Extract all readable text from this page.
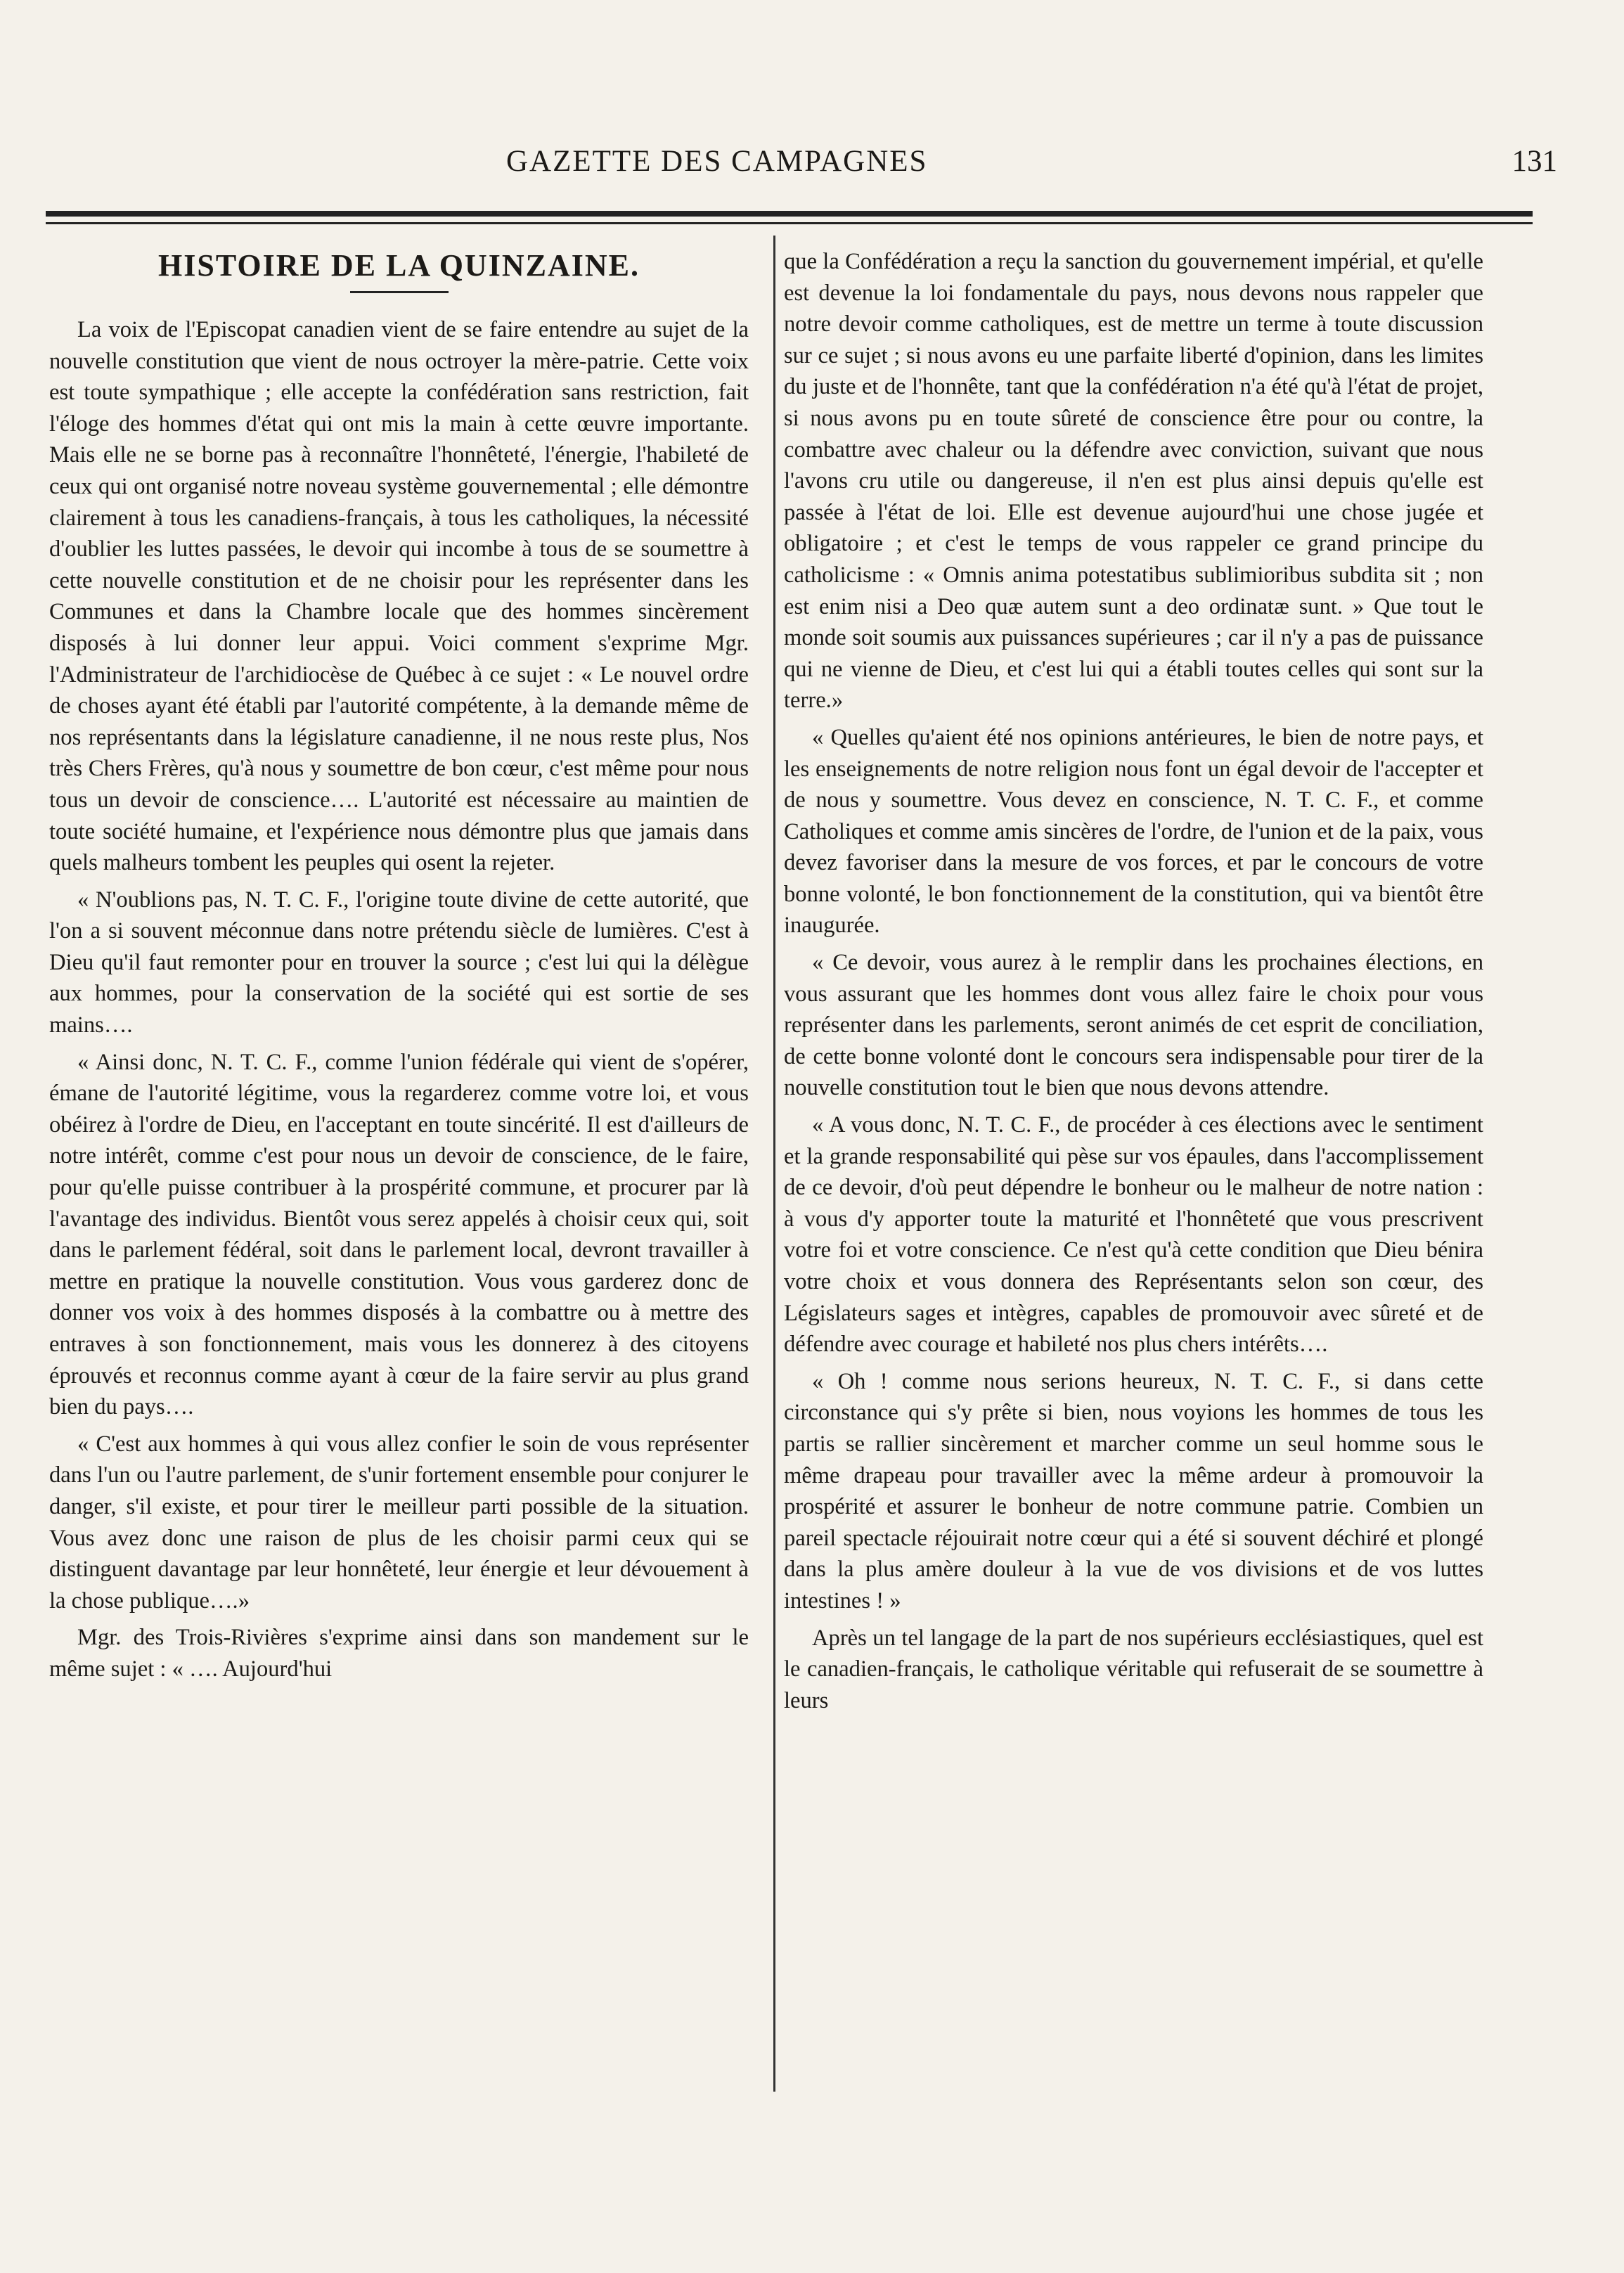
GAZETTE DES CAMPAGNES	131
HISTOIRE DE LA QUINZAINE.

La voix de l'Episcopat canadien vient de se faire entendre au sujet de la nouvelle constitution que vient de nous octroyer la mère-patrie. Cette voix est toute sympathique ; elle accepte la confédération sans restriction, fait l'éloge des hommes d'état qui ont mis la main à cette œuvre importante. Mais elle ne se borne pas à reconnaître l'honnêteté, l'énergie, l'habileté de ceux qui ont organisé notre noveau système gouvernemental ; elle démontre clairement à tous les canadiens-français, à tous les catholiques, la nécessité d'oublier les luttes passées, le devoir qui incombe à tous de se soumettre à cette nouvelle constitution et de ne choisir pour les représenter dans les Communes et dans la Chambre locale que des hommes sincèrement disposés à lui donner leur appui. Voici comment s'exprime Mgr. l'Administrateur de l'archidiocèse de Québec à ce sujet : « Le nouvel ordre de choses ayant été établi par l'autorité compétente, à la demande même de nos représentants dans la législature canadienne, il ne nous reste plus, Nos très Chers Frères, qu'à nous y soumettre de bon cœur, c'est même pour nous tous un devoir de conscience…. L'autorité est nécessaire au maintien de toute société humaine, et l'expérience nous démontre plus que jamais dans quels malheurs tombent les peuples qui osent la rejeter.

« N'oublions pas, N. T. C. F., l'origine toute divine de cette autorité, que l'on a si souvent méconnue dans notre prétendu siècle de lumières. C'est à Dieu qu'il faut remonter pour en trouver la source ; c'est lui qui la délègue aux hommes, pour la conservation de la société qui est sortie de ses mains….

« Ainsi donc, N. T. C. F., comme l'union fédérale qui vient de s'opérer, émane de l'autorité légitime, vous la regarderez comme votre loi, et vous obéirez à l'ordre de Dieu, en l'acceptant en toute sincérité. Il est d'ailleurs de notre intérêt, comme c'est pour nous un devoir de conscience, de le faire, pour qu'elle puisse contribuer à la prospérité commune, et procurer par là l'avantage des individus. Bientôt vous serez appelés à choisir ceux qui, soit dans le parlement fédéral, soit dans le parlement local, devront travailler à mettre en pratique la nouvelle constitution. Vous vous garderez donc de donner vos voix à des hommes disposés à la combattre ou à mettre des entraves à son fonctionnement, mais vous les donnerez à des citoyens éprouvés et reconnus comme ayant à cœur de la faire servir au plus grand bien du pays….

« C'est aux hommes à qui vous allez confier le soin de vous représenter dans l'un ou l'autre parlement, de s'unir fortement ensemble pour conjurer le danger, s'il existe, et pour tirer le meilleur parti possible de la situation. Vous avez donc une raison de plus de les choisir parmi ceux qui se distinguent davantage par leur honnêteté, leur énergie et leur dévouement à la chose publique….»

Mgr. des Trois-Rivières s'exprime ainsi dans son mandement sur le même sujet : « …. Aujourd'hui

que la Confédération a reçu la sanction du gouvernement impérial, et qu'elle est devenue la loi fondamentale du pays, nous devons nous rappeler que notre devoir comme catholiques, est de mettre un terme à toute discussion sur ce sujet ; si nous avons eu une parfaite liberté d'opinion, dans les limites du juste et de l'honnête, tant que la confédération n'a été qu'à l'état de projet, si nous avons pu en toute sûreté de conscience être pour ou contre, la combattre avec chaleur ou la défendre avec conviction, suivant que nous l'avons cru utile ou dangereuse, il n'en est plus ainsi depuis qu'elle est passée à l'état de loi. Elle est devenue aujourd'hui une chose jugée et obligatoire ; et c'est le temps de vous rappeler ce grand principe du catholicisme : « Omnis anima potestatibus sublimioribus subdita sit ; non est enim nisi a Deo quæ autem sunt a deo ordinatæ sunt. » Que tout le monde soit soumis aux puissances supérieures ; car il n'y a pas de puissance qui ne vienne de Dieu, et c'est lui qui a établi toutes celles qui sont sur la terre.»

« Quelles qu'aient été nos opinions antérieures, le bien de notre pays, et les enseignements de notre religion nous font un égal devoir de l'accepter et de nous y soumettre. Vous devez en conscience, N. T. C. F., et comme Catholiques et comme amis sincères de l'ordre, de l'union et de la paix, vous devez favoriser dans la mesure de vos forces, et par le concours de votre bonne volonté, le bon fonctionnement de la constitution, qui va bientôt être inaugurée.

« Ce devoir, vous aurez à le remplir dans les prochaines élections, en vous assurant que les hommes dont vous allez faire le choix pour vous représenter dans les parlements, seront animés de cet esprit de conciliation, de cette bonne volonté dont le concours sera indispensable pour tirer de la nouvelle constitution tout le bien que nous devons attendre.

« A vous donc, N. T. C. F., de procéder à ces élections avec le sentiment et la grande responsabilité qui pèse sur vos épaules, dans l'accomplissement de ce devoir, d'où peut dépendre le bonheur ou le malheur de notre nation : à vous d'y apporter toute la maturité et l'honnêteté que vous prescrivent votre foi et votre conscience. Ce n'est qu'à cette condition que Dieu bénira votre choix et vous donnera des Représentants selon son cœur, des Législateurs sages et intègres, capables de promouvoir avec sûreté et de défendre avec courage et habileté nos plus chers intérêts….

« Oh ! comme nous serions heureux, N. T. C. F., si dans cette circonstance qui s'y prête si bien, nous voyions les hommes de tous les partis se rallier sincèrement et marcher comme un seul homme sous le même drapeau pour travailler avec la même ardeur à promouvoir la prospérité et assurer le bonheur de notre commune patrie. Combien un pareil spectacle réjouirait notre cœur qui a été si souvent déchiré et plongé dans la plus amère douleur à la vue de vos divisions et de vos luttes intestines ! »

Après un tel langage de la part de nos supérieurs ecclésiastiques, quel est le canadien-français, le catholique véritable qui refuserait de se soumettre à leurs
